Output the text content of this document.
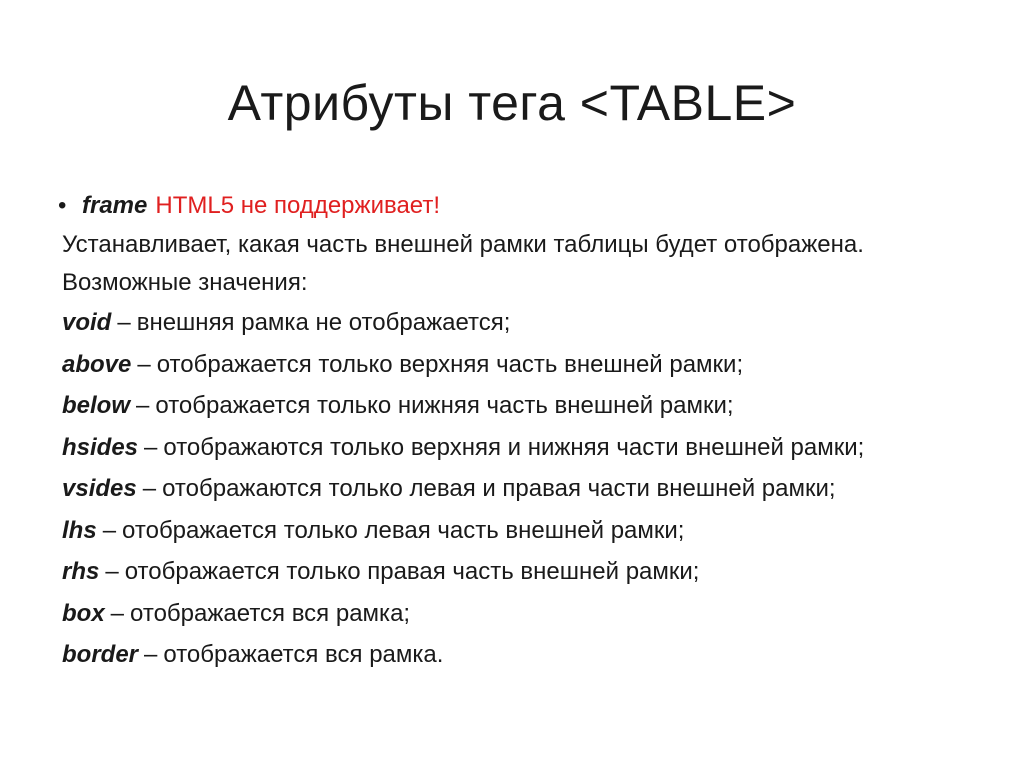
Атрибуты тега <TABLE>
• frame HTML5 не поддерживает!
Устанавливает, какая часть внешней рамки таблицы будет отображена.
Возможные значения:
void – внешняя рамка не отображается;
above – отображается только верхняя часть внешней рамки;
below – отображается только нижняя часть внешней рамки;
hsides – отображаются только верхняя и нижняя части внешней рамки;
vsides – отображаются только левая и правая части внешней рамки;
lhs – отображается только левая часть внешней рамки;
rhs – отображается только правая часть внешней рамки;
box – отображается вся рамка;
border – отображается вся рамка.
